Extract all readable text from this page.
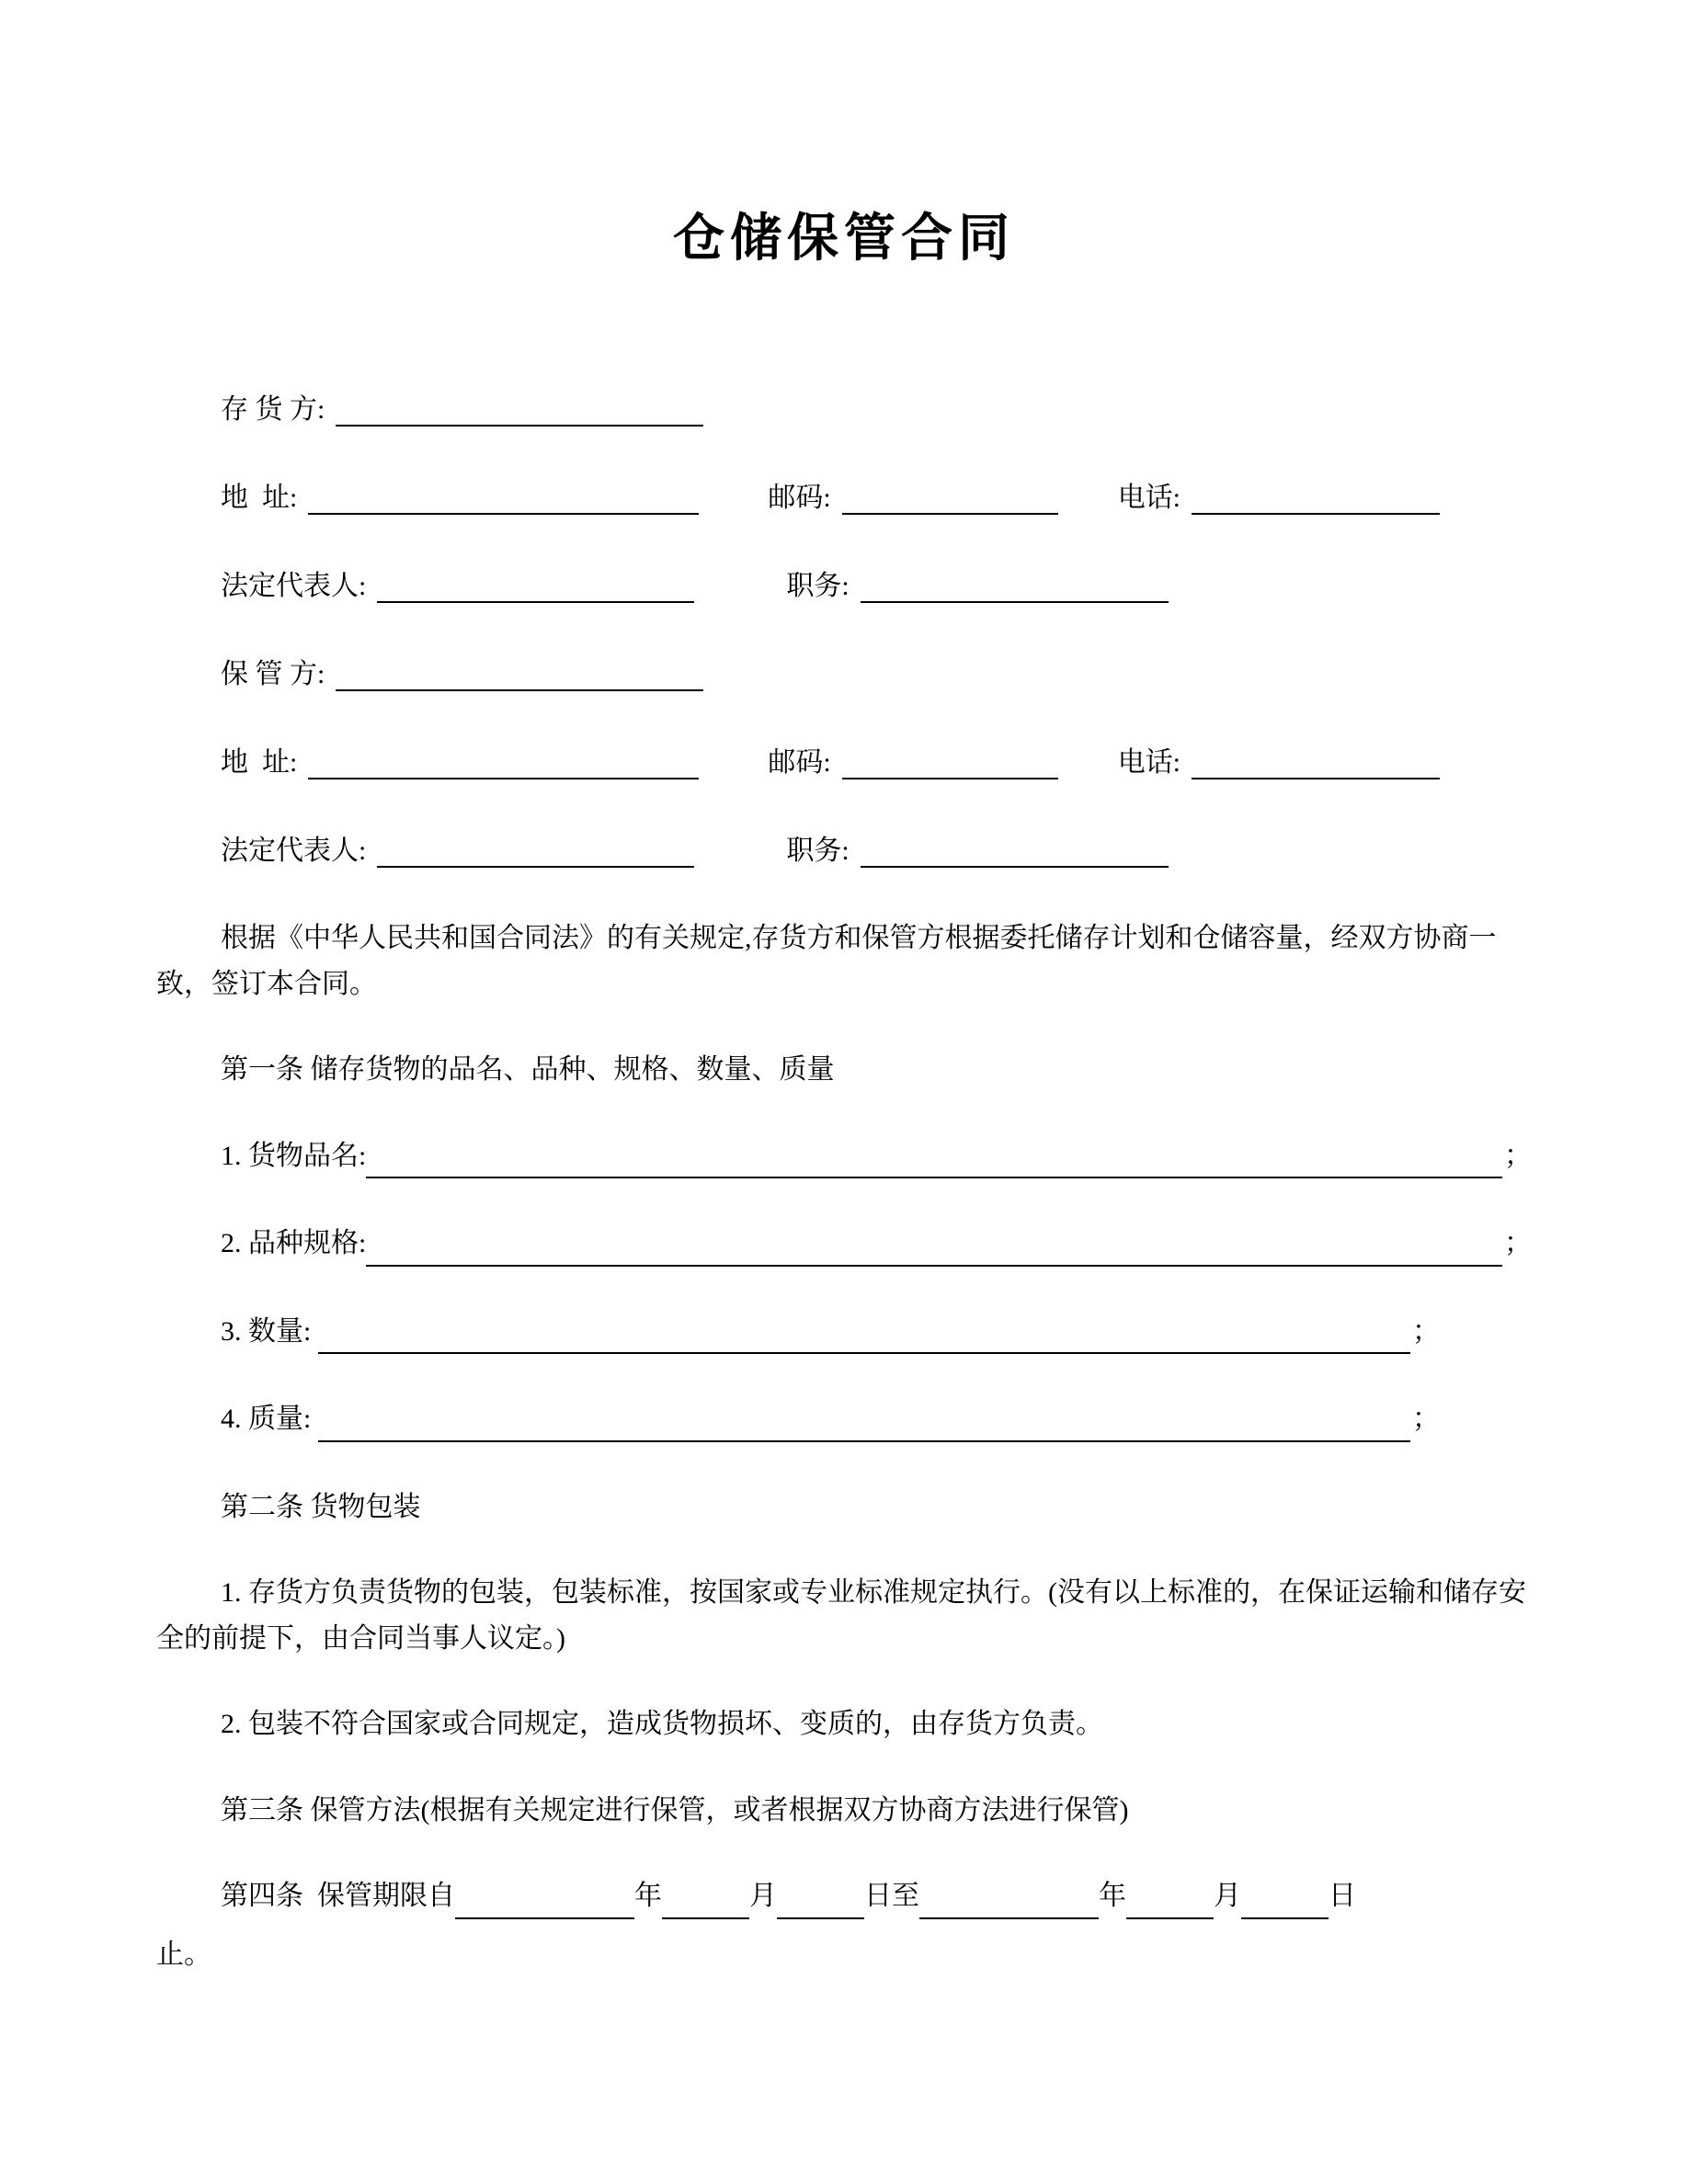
仓储保管合同
存 货 方:
地  址:	邮码:	电话:
法定代表人:	职务:
保 管 方:
地  址:	邮码:	电话:
法定代表人:	职务:

根据《中华人民共和国合同法》的有关规定,存货方和保管方根据委托储存计划和仓储容量，经双方协商一致，签订本合同。

第一条 储存货物的品名、品种、规格、数量、质量

1. 货物品名:	；
2. 品种规格:	；
3. 数量:	；
4. 质量:	；

第二条 货物包装

1. 存货方负责货物的包装，包装标准，按国家或专业标准规定执行。(没有以上标准的，在保证运输和储存安全的前提下，由合同当事人议定。)

2. 包装不符合国家或合同规定，造成货物损坏、变质的，由存货方负责。

第三条 保管方法(根据有关规定进行保管，或者根据双方协商方法进行保管)

第四条  保管期限自	年	月	日至	年	月	日

止。
